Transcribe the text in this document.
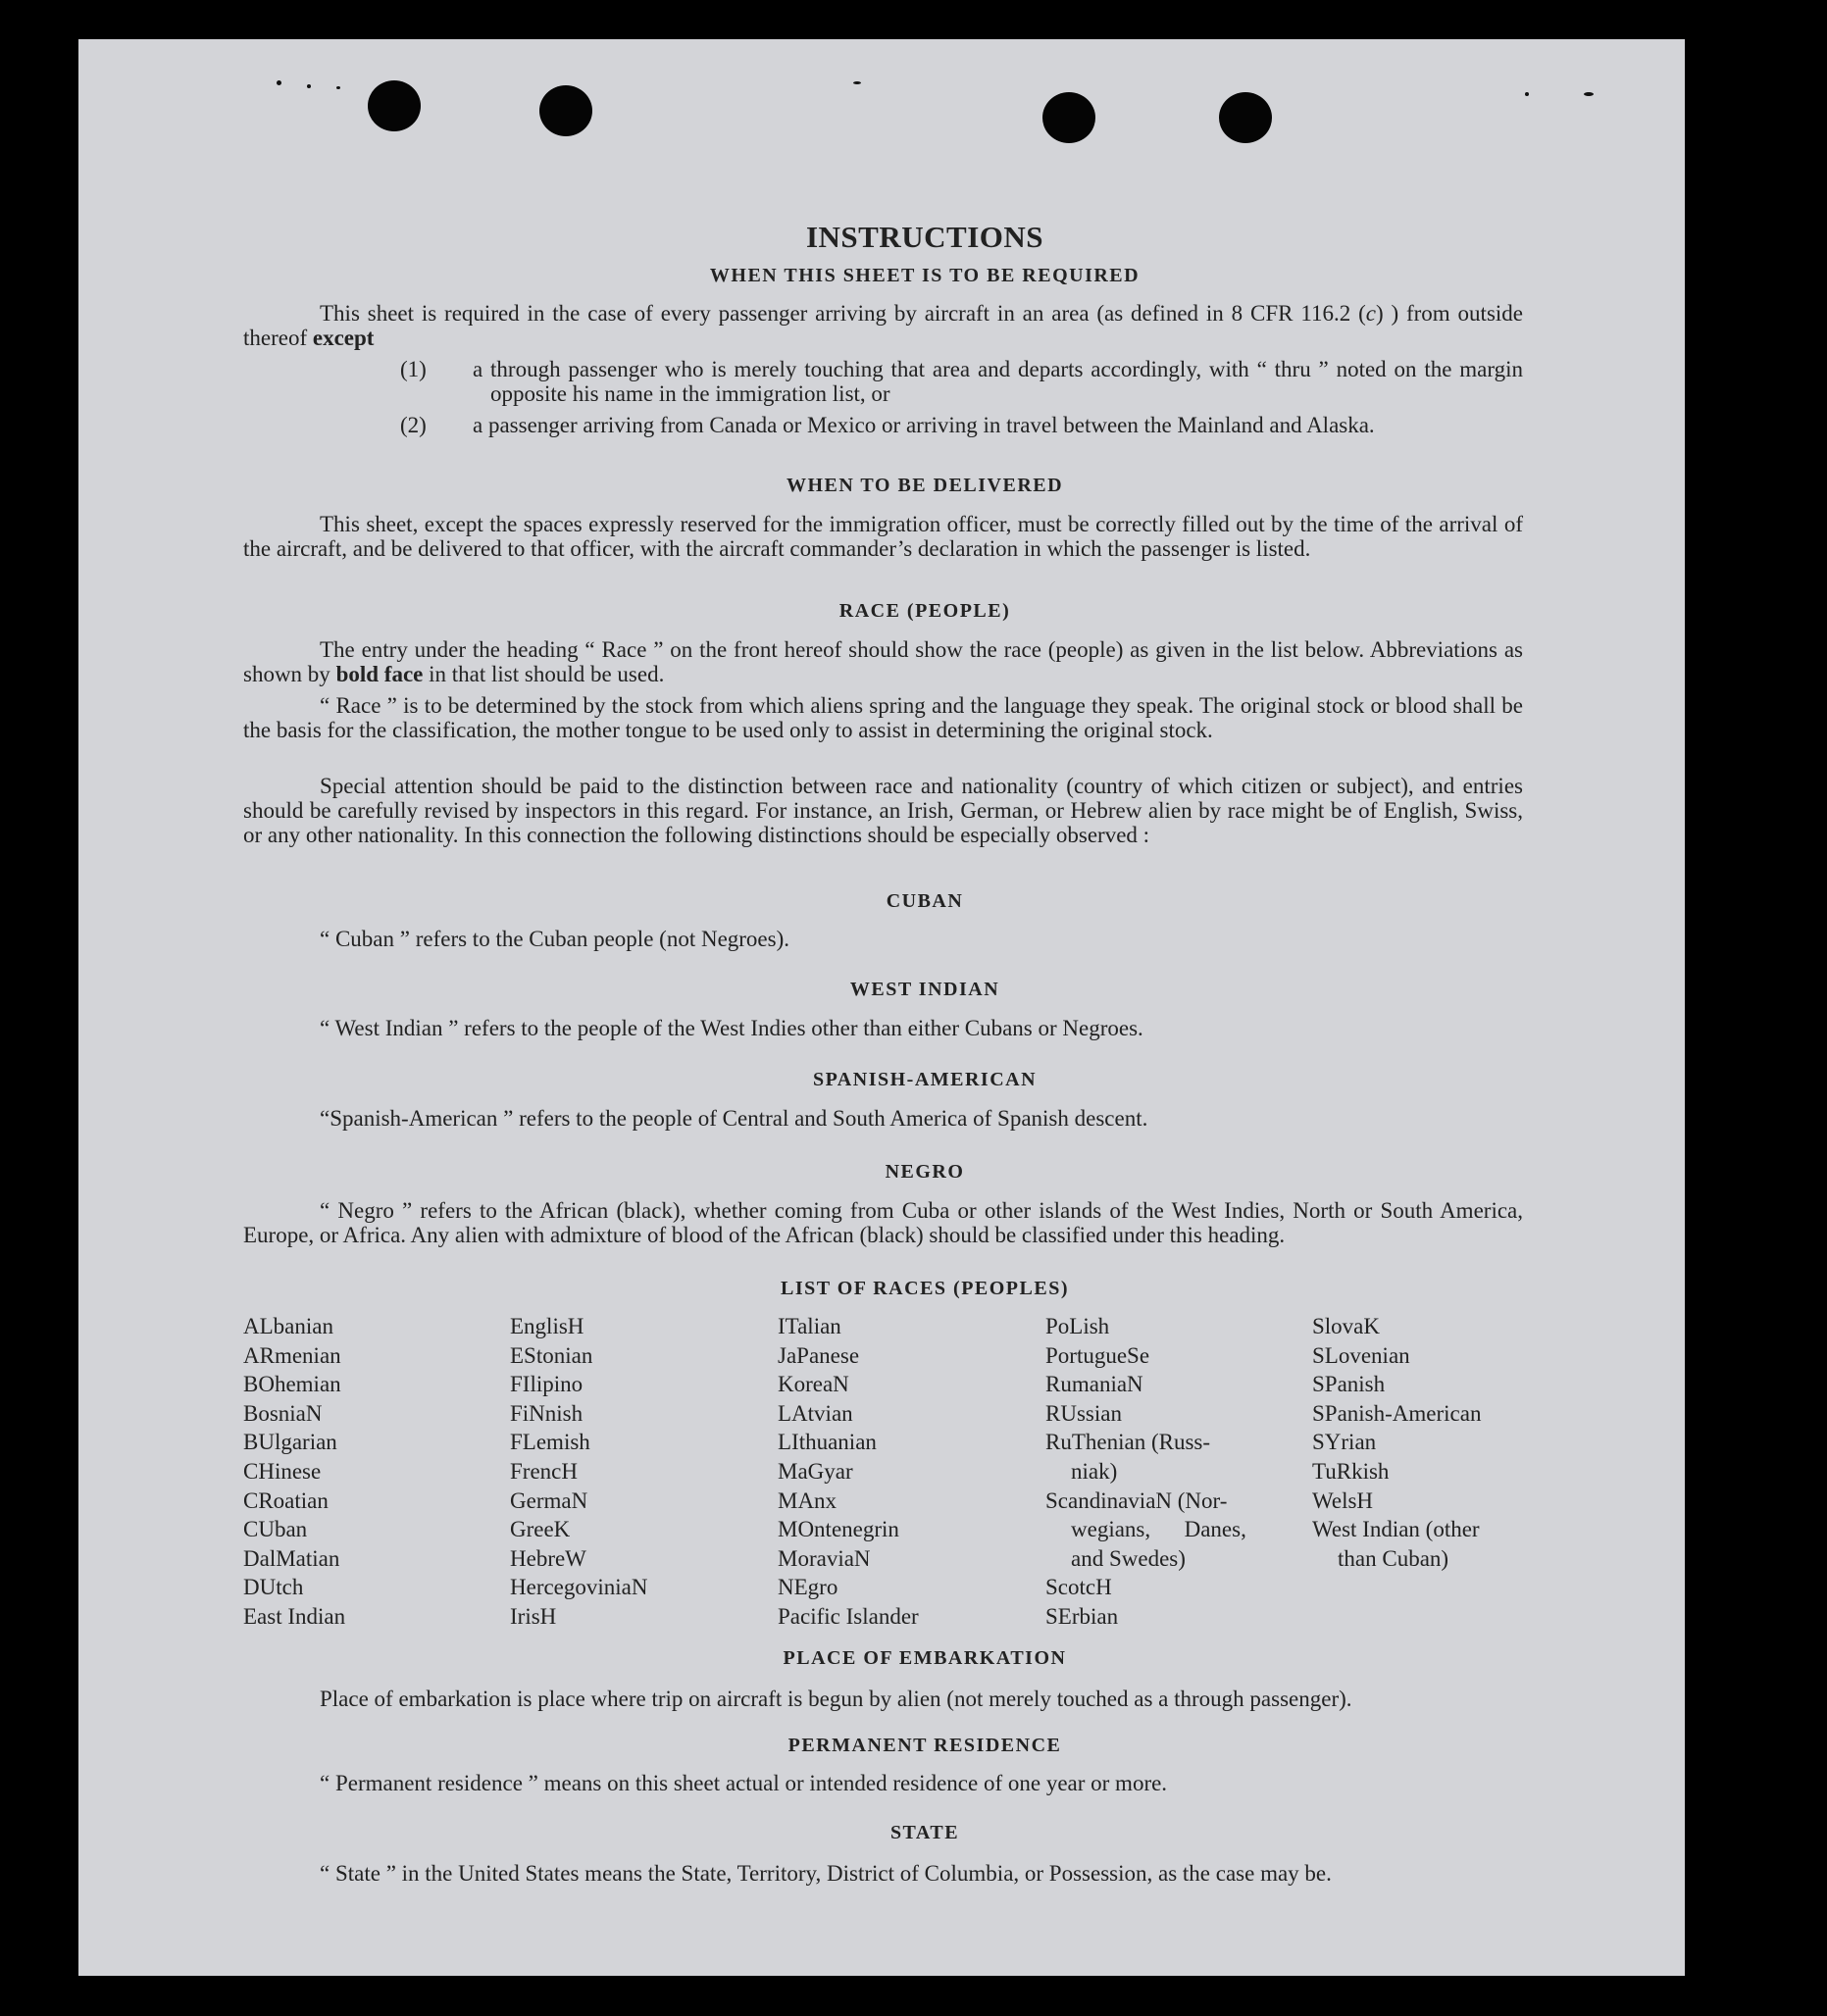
INSTRUCTIONS
WHEN THIS SHEET IS TO BE REQUIRED
This sheet is required in the case of every passenger arriving by aircraft in an area (as defined in 8 CFR 116.2 (c) ) from outside thereof except
(1) a through passenger who is merely touching that area and departs accordingly, with “ thru ” noted on the margin opposite his name in the immigration list, or
(2) a passenger arriving from Canada or Mexico or arriving in travel between the Mainland and Alaska.
WHEN TO BE DELIVERED
This sheet, except the spaces expressly reserved for the immigration officer, must be correctly filled out by the time of the arrival of the aircraft, and be delivered to that officer, with the aircraft commander’s declaration in which the passenger is listed.
RACE (PEOPLE)
The entry under the heading “ Race ” on the front hereof should show the race (people) as given in the list below. Abbreviations as shown by bold face in that list should be used.
“ Race ” is to be determined by the stock from which aliens spring and the language they speak. The original stock or blood shall be the basis for the classification, the mother tongue to be used only to assist in determining the original stock.
Special attention should be paid to the distinction between race and nationality (country of which citizen or subject), and entries should be carefully revised by inspectors in this regard. For instance, an Irish, German, or Hebrew alien by race might be of English, Swiss, or any other nationality. In this connection the following distinctions should be especially observed :
CUBAN
“ Cuban ” refers to the Cuban people (not Negroes).
WEST INDIAN
“ West Indian ” refers to the people of the West Indies other than either Cubans or Negroes.
SPANISH-AMERICAN
“Spanish-American ” refers to the people of Central and South America of Spanish descent.
NEGRO
“ Negro ” refers to the African (black), whether coming from Cuba or other islands of the West Indies, North or South America, Europe, or Africa. Any alien with admixture of blood of the African (black) should be classified under this heading.
LIST OF RACES (PEOPLES)
ALbanian
ARmenian
BOhemian
BosniaN
BUlgarian
CHinese
CRoatian
CUban
DalMatian
DUtch
East Indian
EnglisH
EStonian
FIlipino
FiNnish
FLemish
FrencH
GermaN
GreeK
HebreW
HercegovinіaN
IrisH
ITalian
JaPanese
KoreaN
LAtvian
LIthuanian
MaGyar
MAnx
MOntenegrin
MoraviaN
NEgro
Pacific Islander
PoLish
PortugueSe
RumaniaN
RUssian
RuThenian (Russ-
niak)
ScandinaviaN (Nor-
wegians,      Danes,
and Swedes)
ScotcH
SErbian
SlovaK
SLovenian
SPanish
SPanish-American
SYrian
TuRkish
WelsH
West Indian (other
than Cuban)
PLACE OF EMBARKATION
Place of embarkation is place where trip on aircraft is begun by alien (not merely touched as a through passenger).
PERMANENT RESIDENCE
“ Permanent residence ” means on this sheet actual or intended residence of one year or more.
STATE
“ State ” in the United States means the State, Territory, District of Columbia, or Possession, as the case may be.
